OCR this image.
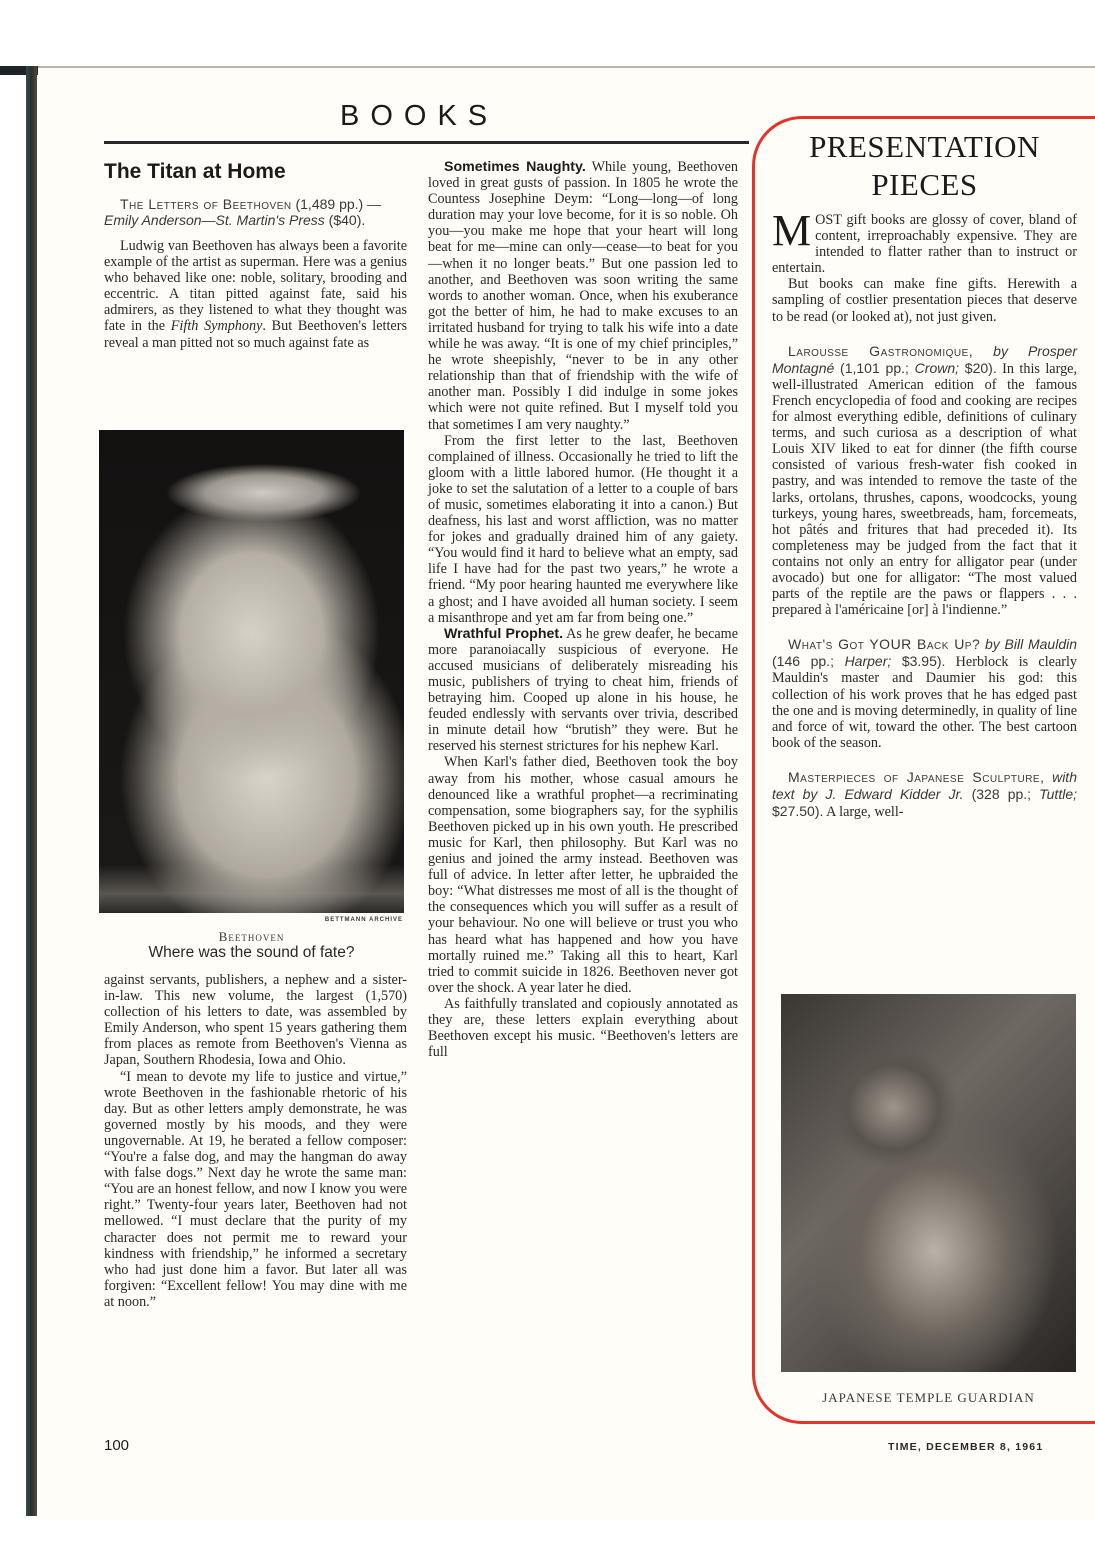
BOOKS
The Titan at Home
The Letters of Beethoven (1,489 pp.) —Emily Anderson—St. Martin's Press ($40).

Ludwig van Beethoven has always been a favorite example of the artist as superman. Here was a genius who behaved like one: noble, solitary, brooding and eccentric. A titan pitted against fate, said his admirers, as they listened to what they thought was fate in the Fifth Symphony. But Beethoven's letters reveal a man pitted not so much against fate as

BETTMANN ARCHIVE
Beethoven
Where was the sound of fate?

against servants, publishers, a nephew and a sister-in-law. This new volume, the largest (1,570) collection of his letters to date, was assembled by Emily Anderson, who spent 15 years gathering them from places as remote from Beethoven's Vienna as Japan, Southern Rhodesia, Iowa and Ohio.

“I mean to devote my life to justice and virtue,” wrote Beethoven in the fashionable rhetoric of his day. But as other letters amply demonstrate, he was governed mostly by his moods, and they were ungovernable. At 19, he berated a fellow composer: “You're a false dog, and may the hangman do away with false dogs.” Next day he wrote the same man: “You are an honest fellow, and now I know you were right.” Twenty-four years later, Beethoven had not mellowed. “I must declare that the purity of my character does not permit me to reward your kindness with friendship,” he informed a secretary who had just done him a favor. But later all was forgiven: “Excellent fellow! You may dine with me at noon.”

Sometimes Naughty. While young, Beethoven loved in great gusts of passion. In 1805 he wrote the Countess Josephine Deym: “Long—long—of long duration may your love become, for it is so noble. Oh you—you make me hope that your heart will long beat for me—mine can only—cease—to beat for you—when it no longer beats.” But one passion led to another, and Beethoven was soon writing the same words to another woman. Once, when his exuberance got the better of him, he had to make excuses to an irritated husband for trying to talk his wife into a date while he was away. “It is one of my chief principles,” he wrote sheepishly, “never to be in any other relationship than that of friendship with the wife of another man. Possibly I did indulge in some jokes which were not quite refined. But I myself told you that sometimes I am very naughty.”

From the first letter to the last, Beethoven complained of illness. Occasionally he tried to lift the gloom with a little labored humor. (He thought it a joke to set the salutation of a letter to a couple of bars of music, sometimes elaborating it into a canon.) But deafness, his last and worst affliction, was no matter for jokes and gradually drained him of any gaiety. “You would find it hard to believe what an empty, sad life I have had for the past two years,” he wrote a friend. “My poor hearing haunted me everywhere like a ghost; and I have avoided all human society. I seem a misanthrope and yet am far from being one.”

Wrathful Prophet. As he grew deafer, he became more paranoiacally suspicious of everyone. He accused musicians of deliberately misreading his music, publishers of trying to cheat him, friends of betraying him. Cooped up alone in his house, he feuded endlessly with servants over trivia, described in minute detail how “brutish” they were. But he reserved his sternest strictures for his nephew Karl.

When Karl's father died, Beethoven took the boy away from his mother, whose casual amours he denounced like a wrathful prophet—a recriminating compensation, some biographers say, for the syphilis Beethoven picked up in his own youth. He prescribed music for Karl, then philosophy. But Karl was no genius and joined the army instead. Beethoven was full of advice. In letter after letter, he upbraided the boy: “What distresses me most of all is the thought of the consequences which you will suffer as a result of your behaviour. No one will believe or trust you who has heard what has happened and how you have mortally ruined me.” Taking all this to heart, Karl tried to commit suicide in 1826. Beethoven never got over the shock. A year later he died.

As faithfully translated and copiously annotated as they are, these letters explain everything about Beethoven except his music. “Beethoven's letters are full

PRESENTATION
PIECES

MOST gift books are glossy of cover, bland of content, irreproachably expensive. They are intended to flatter rather than to instruct or entertain.

But books can make fine gifts. Herewith a sampling of costlier presentation pieces that deserve to be read (or looked at), not just given.

Larousse Gastronomique, by Prosper Montagné (1,101 pp.; Crown; $20). In this large, well-illustrated American edition of the famous French encyclopedia of food and cooking are recipes for almost everything edible, definitions of culinary terms, and such curiosa as a description of what Louis XIV liked to eat for dinner (the fifth course consisted of various fresh-water fish cooked in pastry, and was intended to remove the taste of the larks, ortolans, thrushes, capons, woodcocks, young turkeys, young hares, sweetbreads, ham, forcemeats, hot pâtés and fritures that had preceded it). Its completeness may be judged from the fact that it contains not only an entry for alligator pear (under avocado) but one for alligator: “The most valued parts of the reptile are the paws or flappers . . . prepared à l'américaine [or] à l'indienne.”

What's Got YOUR Back Up? by Bill Mauldin (146 pp.; Harper; $3.95). Herblock is clearly Mauldin's master and Daumier his god: this collection of his work proves that he has edged past the one and is moving determinedly, in quality of line and force of wit, toward the other. The best cartoon book of the season.

Masterpieces of Japanese Sculpture, with text by J. Edward Kidder Jr. (328 pp.; Tuttle; $27.50). A large, well-

JAPANESE TEMPLE GUARDIAN
100	TIME, DECEMBER 8, 1961
